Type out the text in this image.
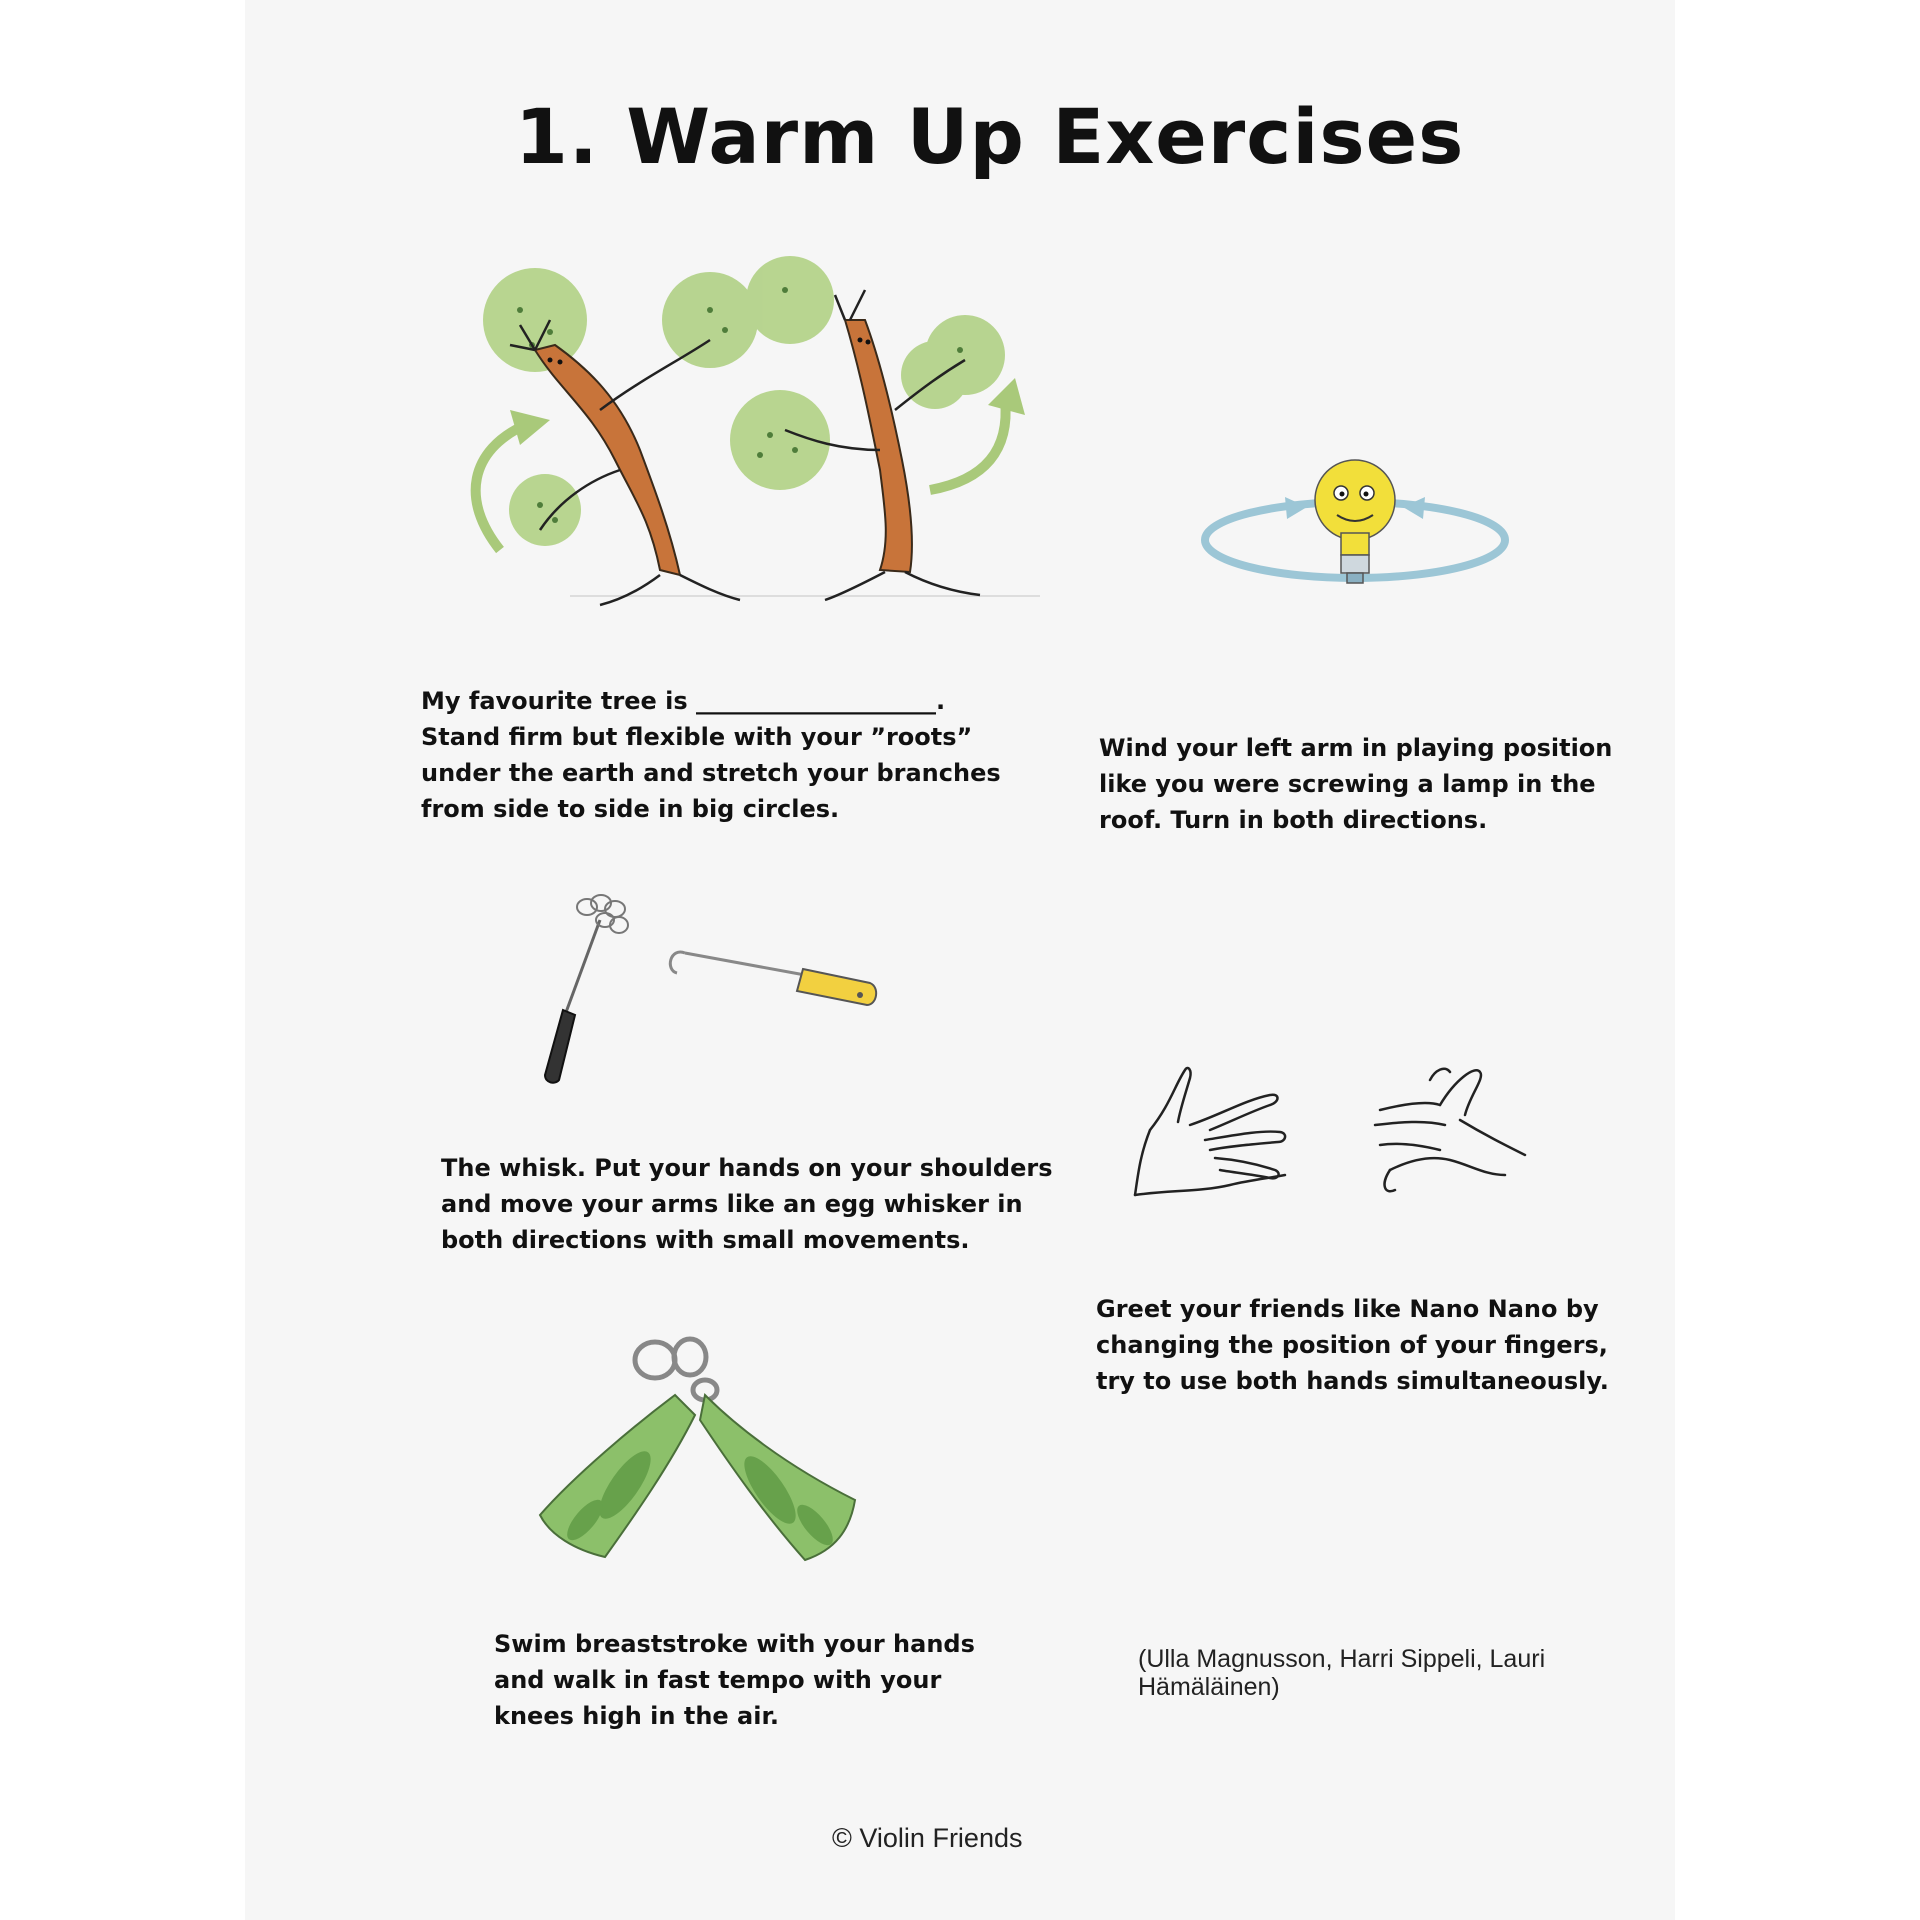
1. Warm Up Exercises
My favourite tree is ____________________.
Stand firm but flexible with your ”roots”
under the earth and stretch your branches
from side to side in big circles.
Wind your left arm in playing position
like you were screwing a lamp in the
roof. Turn in both directions.
The whisk. Put your hands on your shoulders
and move your arms like an egg whisker in
both directions with small movements.
Greet your friends like Nano Nano by
changing the position of your fingers,
try to use both hands simultaneously.
Swim breaststroke with your hands
and walk in fast tempo with your
knees high in the air.
(Ulla Magnusson, Harri Sippeli, Lauri Hämäläinen)
© Violin Friends
